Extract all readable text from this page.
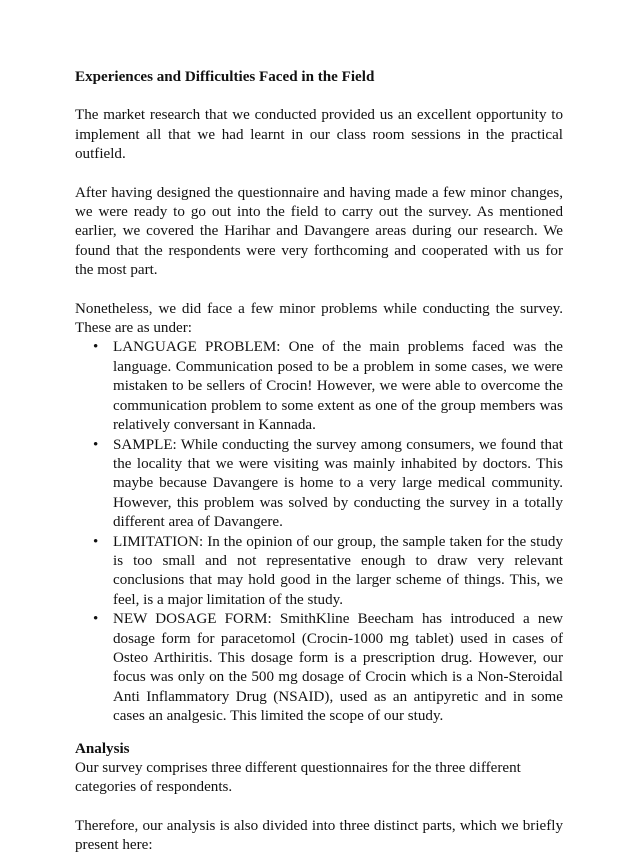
Experiences and Difficulties Faced in the Field

The market research that we conducted provided us an excellent opportunity to implement all that we had learnt in our class room sessions in the practical outfield.

After having designed the questionnaire and having made a few minor changes, we were ready to go out into the field to carry out the survey. As mentioned earlier, we covered the Harihar and Davangere areas during our research. We found that the respondents were very forthcoming and cooperated with us for the most part.

Nonetheless, we did face a few minor problems while conducting the survey. These are as under:

• LANGUAGE PROBLEM: One of the main problems faced was the language. Communication posed to be a problem in some cases, we were mistaken to be sellers of Crocin! However, we were able to overcome the communication problem to some extent as one of the group members was relatively conversant in Kannada.
• SAMPLE: While conducting the survey among consumers, we found that the locality that we were visiting was mainly inhabited by doctors. This maybe because Davangere is home to a very large medical community. However, this problem was solved by conducting the survey in a totally different area of Davangere.
• LIMITATION: In the opinion of our group, the sample taken for the study is too small and not representative enough to draw very relevant conclusions that may hold good in the larger scheme of things. This, we feel, is a major limitation of the study.
• NEW DOSAGE FORM: SmithKline Beecham has introduced a new dosage form for paracetomol (Crocin-1000 mg tablet) used in cases of Osteo Arthiritis. This dosage form is a prescription drug. However, our focus was only on the 500 mg dosage of Crocin which is a Non-Steroidal Anti Inflammatory Drug (NSAID), used as an antipyretic and in some cases an analgesic. This limited the scope of our study.

Analysis

Our survey comprises three different questionnaires for the three different categories of respondents.

Therefore, our analysis is also divided into three distinct parts, which we briefly present here:
